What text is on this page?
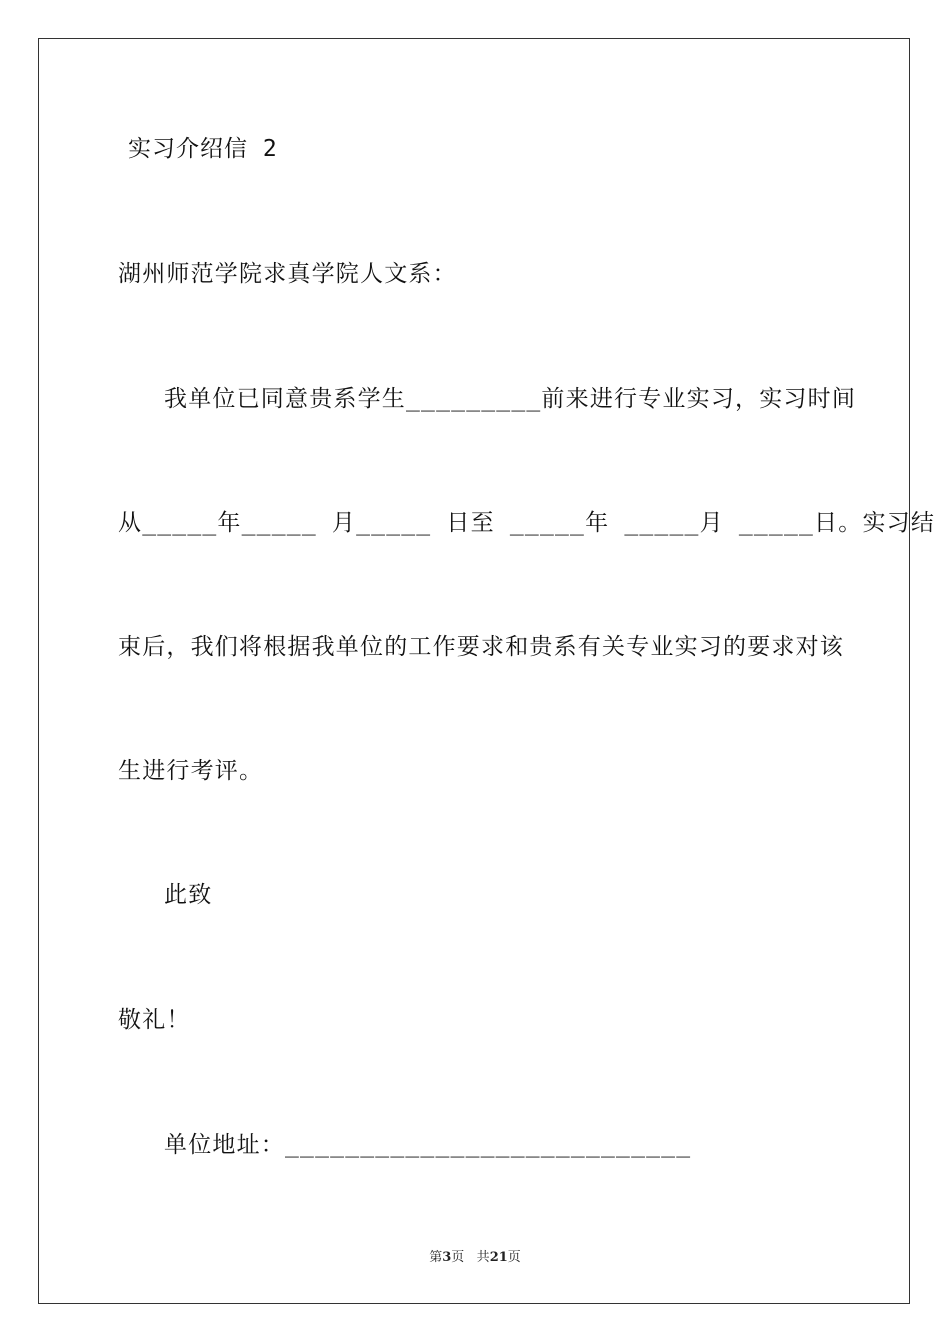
实习介绍信 2
湖州师范学院求真学院人文系：
我单位已同意贵系学生_________前来进行专业实习，实习时间
从_____年_____ 月_____ 日至 _____年 _____月 _____日。实习结
束后，我们将根据我单位的工作要求和贵系有关专业实习的要求对该
生进行考评。
此致
敬礼！
单位地址：___________________________
第3页 共21页
